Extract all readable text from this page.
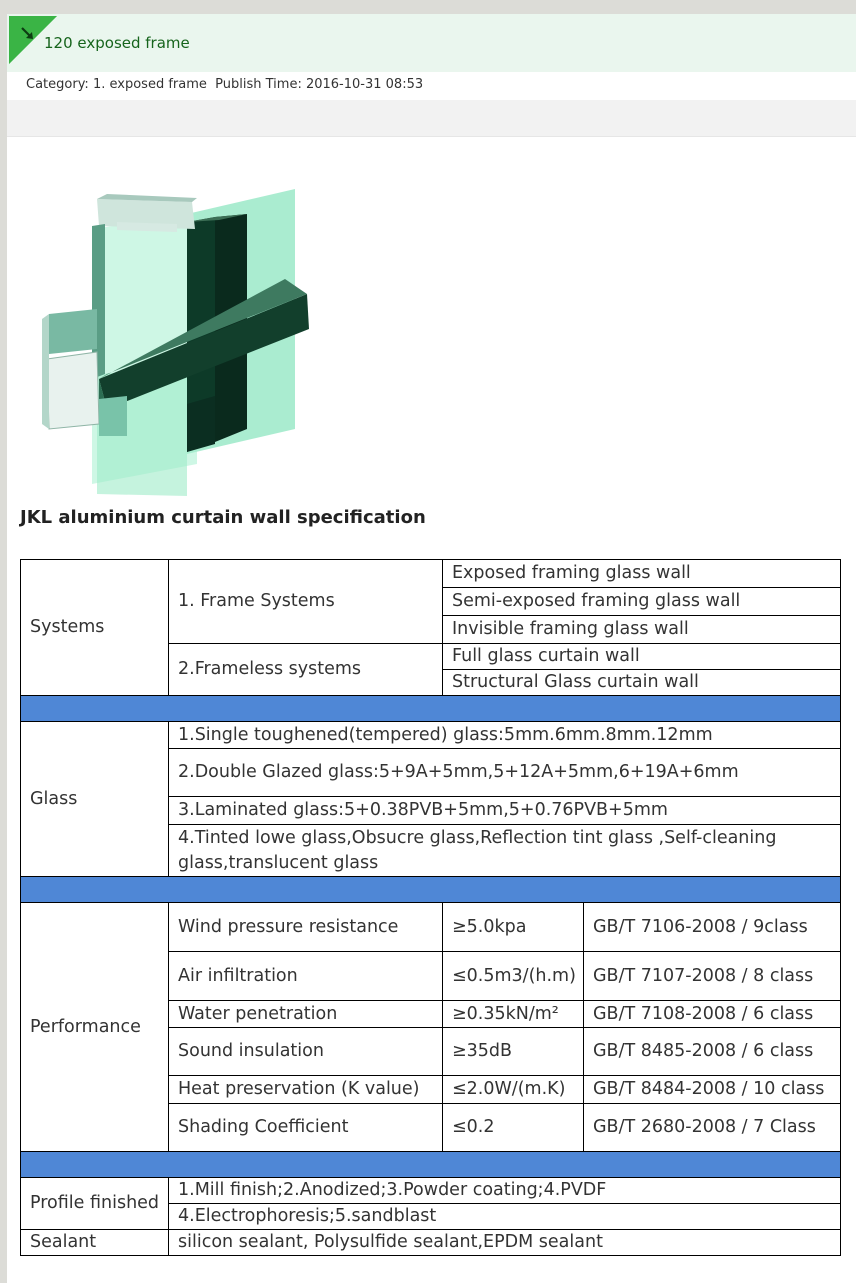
120 exposed frame
Category: 1. exposed frame Publish Time: 2016-10-31 08:53
JKL aluminium curtain wall specification
Systems	1. Frame Systems	Exposed framing glass wall	
		Semi-exposed framing glass wall	
		Invisible framing glass wall	
	2.Frameless systems	Full glass curtain wall	
		Structural Glass curtain wall	

Glass	1.Single toughened(tempered) glass:5mm.6mm.8mm.12mm		
	2.Double Glazed glass:5+9A+5mm,5+12A+5mm,6+19A+6mm		
	3.Laminated glass:5+0.38PVB+5mm,5+0.76PVB+5mm		
	4.Tinted lowe glass,Obsucre glass,Reflection tint glass ,Self-cleaning glass,translucent glass		

Performance	Wind pressure resistance	≥5.0kpa	GB/T 7106-2008 / 9class
	Air infiltration	≤0.5m3/(h.m)	GB/T 7107-2008 / 8 class
	Water penetration	≥0.35kN/m²	GB/T 7108-2008 / 6 class
	Sound insulation	≥35dB	GB/T 8485-2008 / 6 class
	Heat preservation (K value)	≤2.0W/(m.K)	GB/T 8484-2008 / 10 class
	Shading Coefficient	≤0.2	GB/T 2680-2008 / 7 Class

Profile finished	1.Mill finish;2.Anodized;3.Powder coating;4.PVDF		
	4.Electrophoresis;5.sandblast		
Sealant	silicon sealant, Polysulfide sealant,EPDM sealant		
